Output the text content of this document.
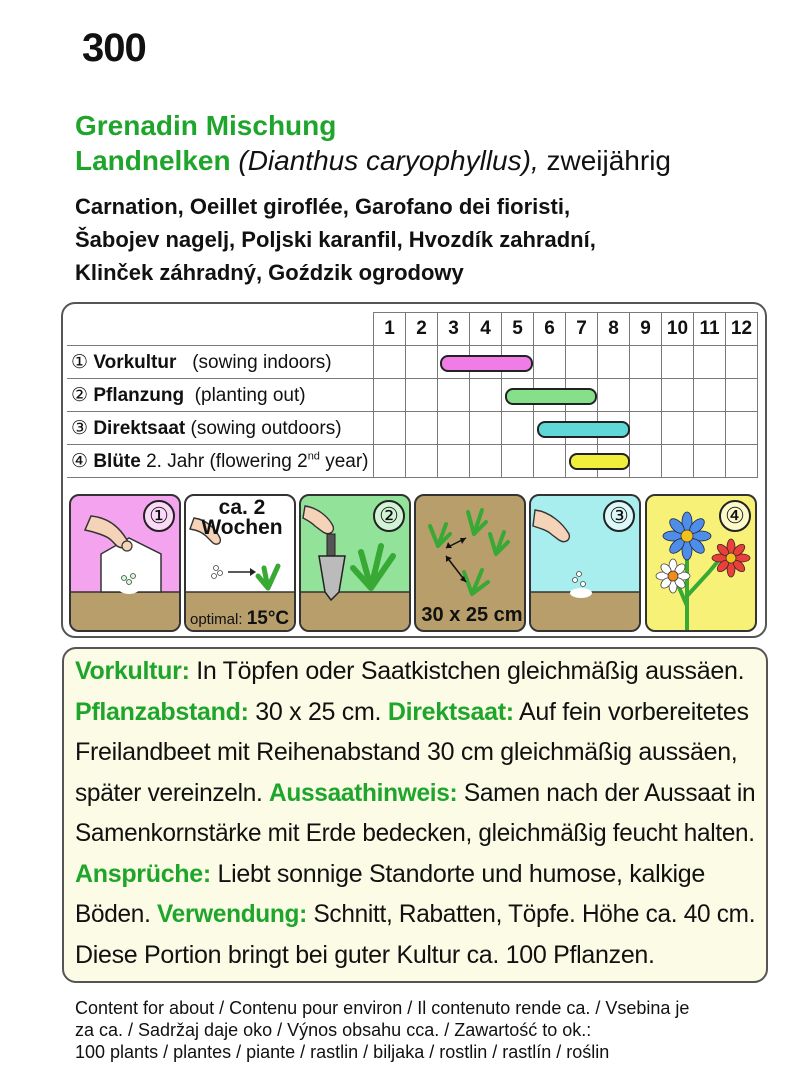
300
Grenadin Mischung
Landnelken (Dianthus caryophyllus), zweijährig
Carnation, Oeillet giroflée, Garofano dei fioristi,
Šabojev nagelj, Poljski karanfil, Hvozdík zahradní,
Klinček záhradný, Goździk ogrodowy
	1	2	3	4	5	6	7	8	9	10	11	12
① Vorkultur (sowing indoors)												
② Pflanzung (planting out)												
③ Direktsaat (sowing outdoors)												
④ Blüte 2. Jahr (flowering 2nd year)												
①	ca. 2
Wochen
optimal: 15°C
②
30 x 25 cm
③	④
Vorkultur: In Töpfen oder Saatkistchen gleichmäßig aussäen.
Pflanzabstand: 30 x 25 cm. Direktsaat: Auf fein vorbereitetes
Freilandbeet mit Reihenabstand 30 cm gleichmäßig aussäen,
später vereinzeln. Aussaathinweis: Samen nach der Aussaat in
Samenkornstärke mit Erde bedecken, gleichmäßig feucht halten.
Ansprüche: Liebt sonnige Standorte und humose, kalkige
Böden. Verwendung: Schnitt, Rabatten, Töpfe. Höhe ca. 40 cm.
Diese Portion bringt bei guter Kultur ca. 100 Pflanzen.
Content for about / Contenu pour environ / Il contenuto rende ca. / Vsebina je
za ca. / Sadržaj daje oko / Výnos obsahu cca. / Zawartość to ok.:
100 plants / plantes / piante / rastlin / biljaka / rostlin / rastlín / roślin
